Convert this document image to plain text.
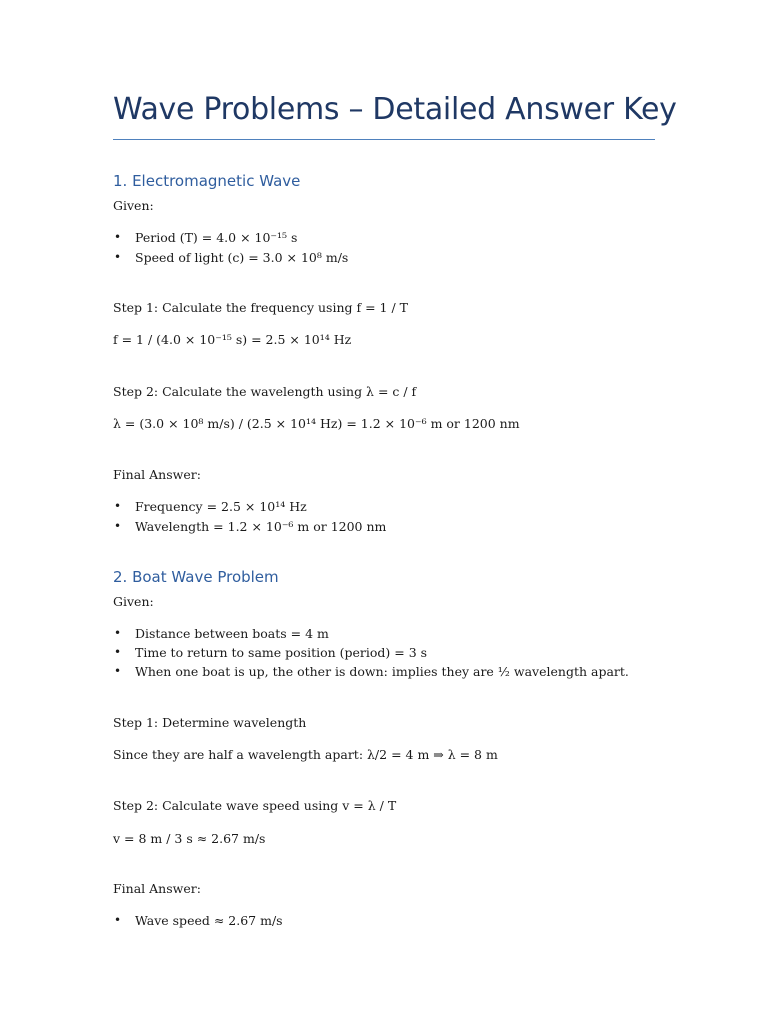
Wave Problems – Detailed Answer Key
1. Electromagnetic Wave
Given:
• Period (T) = 4.0 × 10⁻¹⁵ s
• Speed of light (c) = 3.0 × 10⁸ m/s
Step 1: Calculate the frequency using f = 1 / T
f = 1 / (4.0 × 10⁻¹⁵ s) = 2.5 × 10¹⁴ Hz
Step 2: Calculate the wavelength using λ = c / f
λ = (3.0 × 10⁸ m/s) / (2.5 × 10¹⁴ Hz) = 1.2 × 10⁻⁶ m or 1200 nm
Final Answer:
• Frequency = 2.5 × 10¹⁴ Hz
• Wavelength = 1.2 × 10⁻⁶ m or 1200 nm
2. Boat Wave Problem
Given:
• Distance between boats = 4 m
• Time to return to same position (period) = 3 s
• When one boat is up, the other is down: implies they are ½ wavelength apart.
Step 1: Determine wavelength
Since they are half a wavelength apart: λ/2 = 4 m ⇒ λ = 8 m
Step 2: Calculate wave speed using v = λ / T
v = 8 m / 3 s ≈ 2.67 m/s
Final Answer:
• Wave speed ≈ 2.67 m/s
